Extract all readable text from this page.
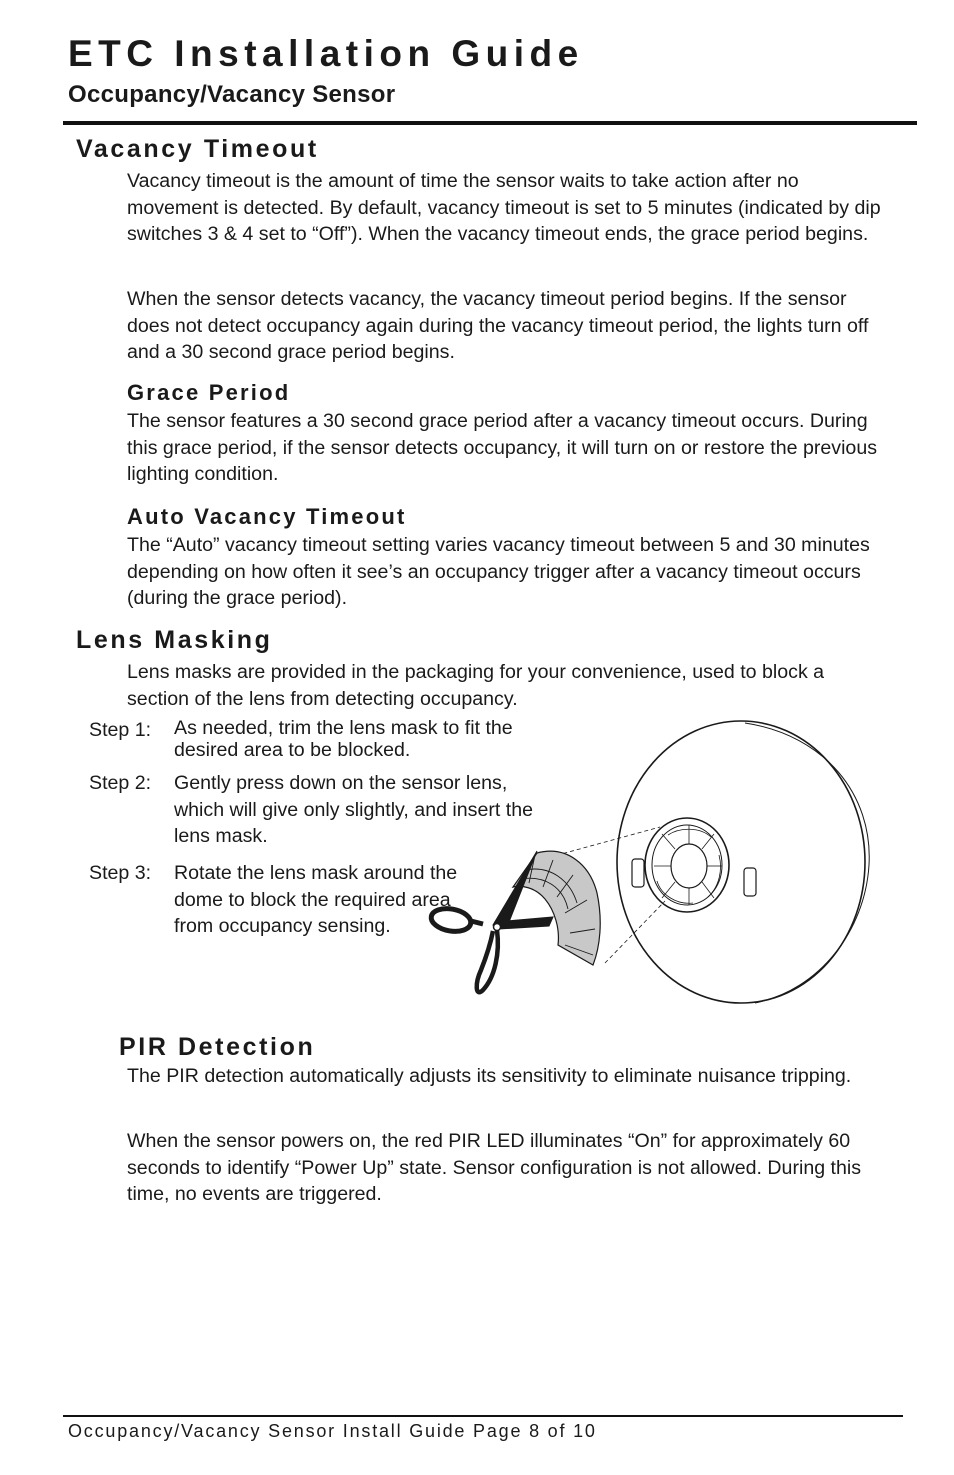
ETC Installation Guide
Occupancy/Vacancy Sensor
Vacancy Timeout

Vacancy timeout is the amount of time the sensor waits to take action after no movement is detected. By default, vacancy timeout is set to 5 minutes (indicated by dip switches 3 & 4 set to “Off”). When the vacancy timeout ends, the grace period begins.

When the sensor detects vacancy, the vacancy timeout period begins. If the sensor does not detect occupancy again during the vacancy timeout period, the lights turn off and a 30 second grace period begins.

Grace Period

The sensor features a 30 second grace period after a vacancy timeout occurs. During this grace period, if the sensor detects occupancy, it will turn on or restore the previous lighting condition.

Auto Vacancy Timeout

The “Auto” vacancy timeout setting varies vacancy timeout between 5 and 30 minutes depending on how often it see’s an occupancy trigger after a vacancy timeout occurs (during the grace period).

Lens Masking

Lens masks are provided in the packaging for your convenience, used to block a section of the lens from detecting occupancy.

Step 1: As needed, trim the lens mask to fit the desired area to be blocked.
Step 2: Gently press down on the sensor lens, which will give only slightly, and insert the lens mask.
Step 3: Rotate the lens mask around the dome to block the required area from occupancy sensing.
PIR Detection

The PIR detection automatically adjusts its sensitivity to eliminate nuisance tripping.

When the sensor powers on, the red PIR LED illuminates “On” for approximately 60 seconds to identify “Power Up” state. Sensor configuration is not allowed. During this time, no events are triggered.

Occupancy/Vacancy Sensor Install Guide Page 8 of 10
